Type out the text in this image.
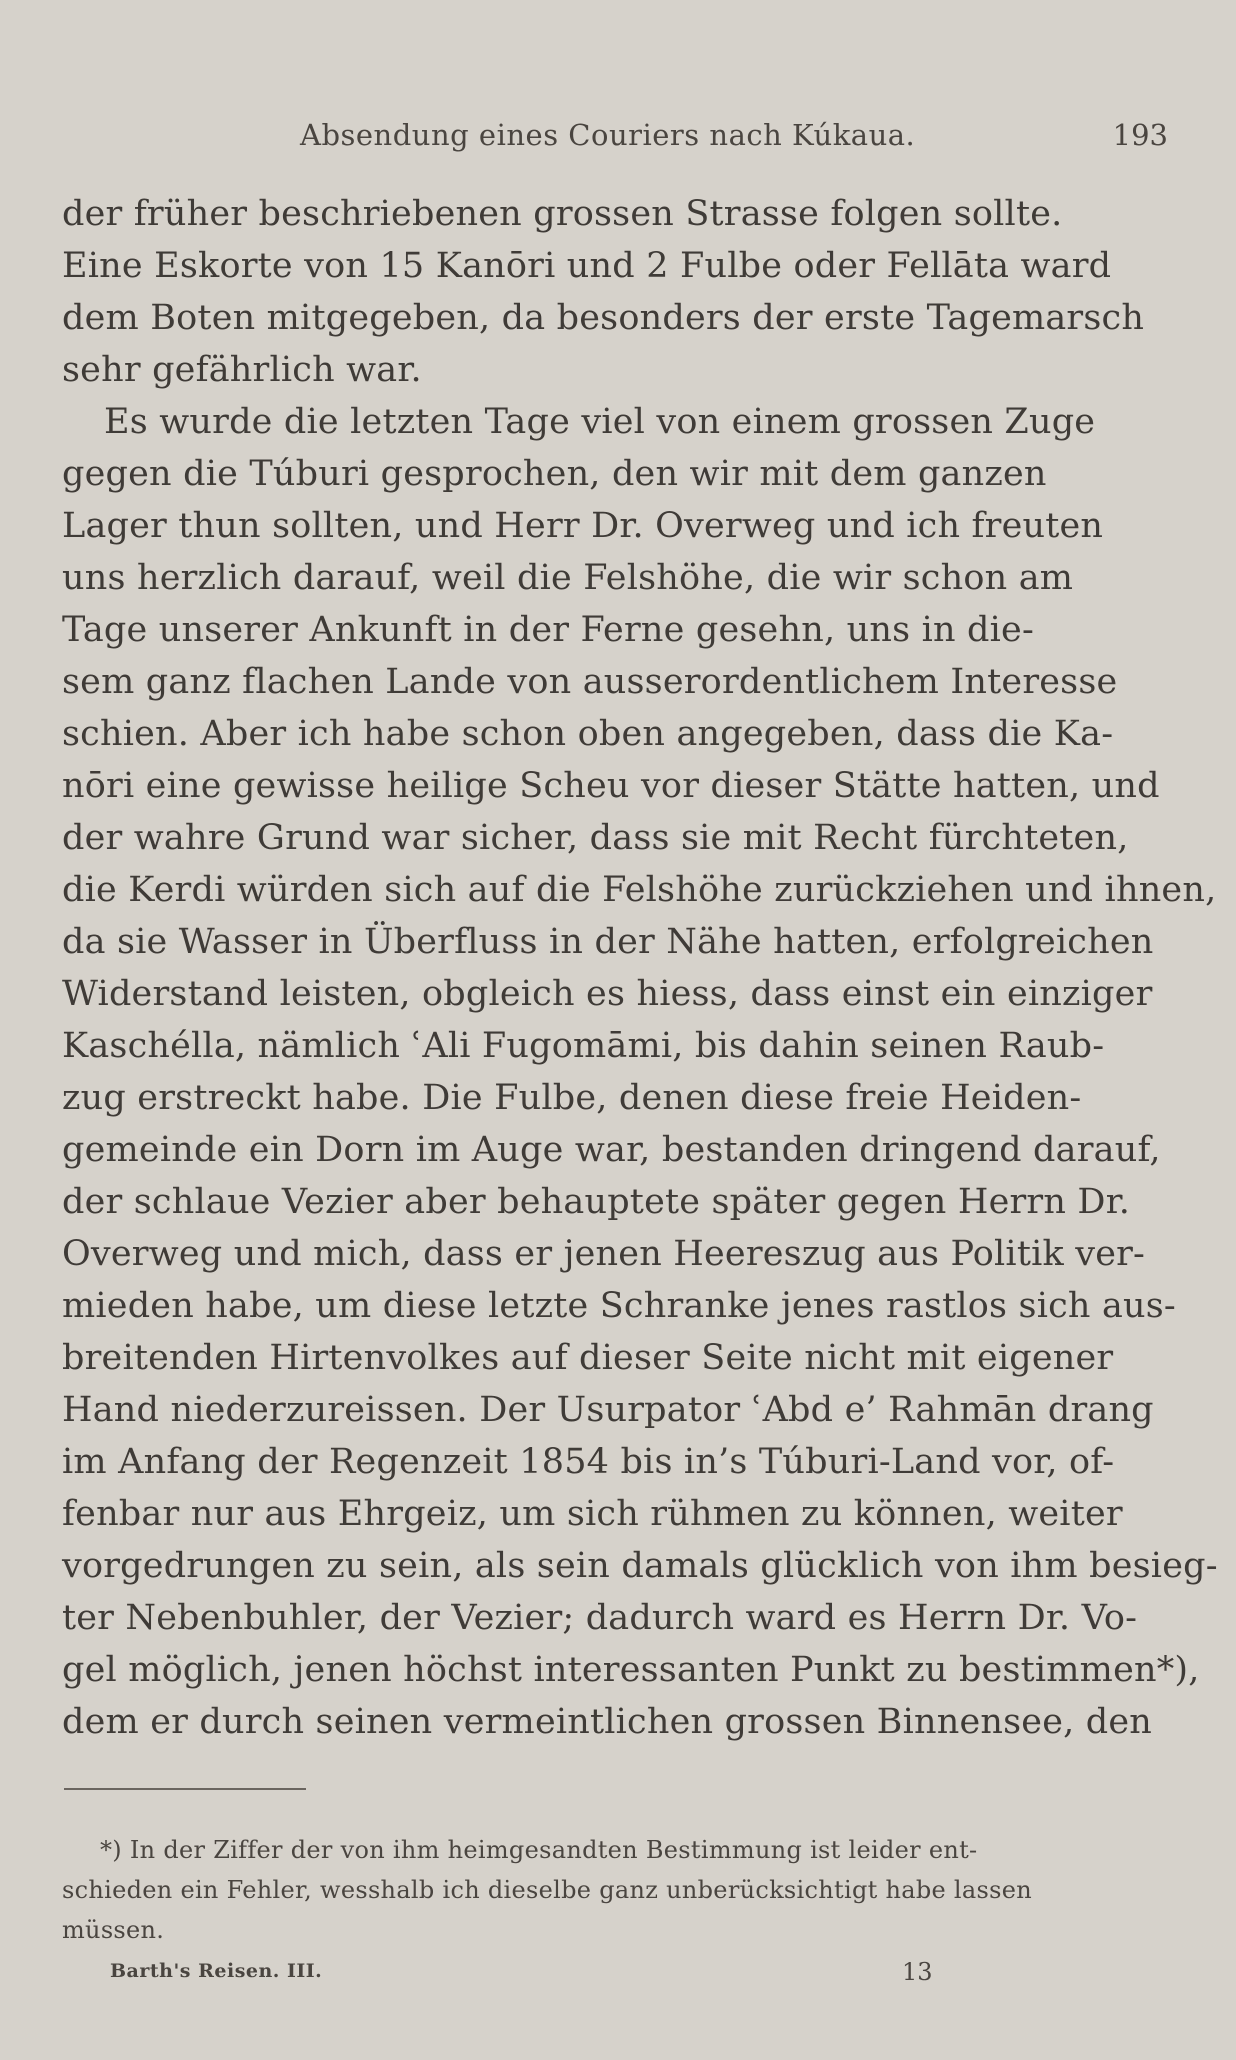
Absendung eines Couriers nach Kúkaua.	193
der früher beschriebenen grossen Strasse folgen sollte.
Eine Eskorte von 15 Kanōri und 2 Fulbe oder Fellāta ward
dem Boten mitgegeben, da besonders der erste Tagemarsch
sehr gefährlich war.
Es wurde die letzten Tage viel von einem grossen Zuge
gegen die Túburi gesprochen, den wir mit dem ganzen
Lager thun sollten, und Herr Dr. Overweg und ich freuten
uns herzlich darauf, weil die Felshöhe, die wir schon am
Tage unserer Ankunft in der Ferne gesehn, uns in die-
sem ganz flachen Lande von ausserordentlichem Interesse
schien. Aber ich habe schon oben angegeben, dass die Ka-
nōri eine gewisse heilige Scheu vor dieser Stätte hatten, und
der wahre Grund war sicher, dass sie mit Recht fürchteten,
die Kerdi würden sich auf die Felshöhe zurückziehen und ihnen,
da sie Wasser in Überfluss in der Nähe hatten, erfolgreichen
Widerstand leisten, obgleich es hiess, dass einst ein einziger
Kaschélla, nämlich ʿAli Fugomāmi, bis dahin seinen Raub-
zug erstreckt habe. Die Fulbe, denen diese freie Heiden-
gemeinde ein Dorn im Auge war, bestanden dringend darauf,
der schlaue Vezier aber behauptete später gegen Herrn Dr.
Overweg und mich, dass er jenen Heereszug aus Politik ver-
mieden habe, um diese letzte Schranke jenes rastlos sich aus-
breitenden Hirtenvolkes auf dieser Seite nicht mit eigener
Hand niederzureissen. Der Usurpator ʿAbd e’ Rahmān drang
im Anfang der Regenzeit 1854 bis in’s Túburi-Land vor, of-
fenbar nur aus Ehrgeiz, um sich rühmen zu können, weiter
vorgedrungen zu sein, als sein damals glücklich von ihm besieg-
ter Nebenbuhler, der Vezier; dadurch ward es Herrn Dr. Vo-
gel möglich, jenen höchst interessanten Punkt zu bestimmen*),
dem er durch seinen vermeintlichen grossen Binnensee, den
*) In der Ziffer der von ihm heimgesandten Bestimmung ist leider ent-
schieden ein Fehler, wesshalb ich dieselbe ganz unberücksichtigt habe lassen
müssen.
Barth's Reisen. III.	13
